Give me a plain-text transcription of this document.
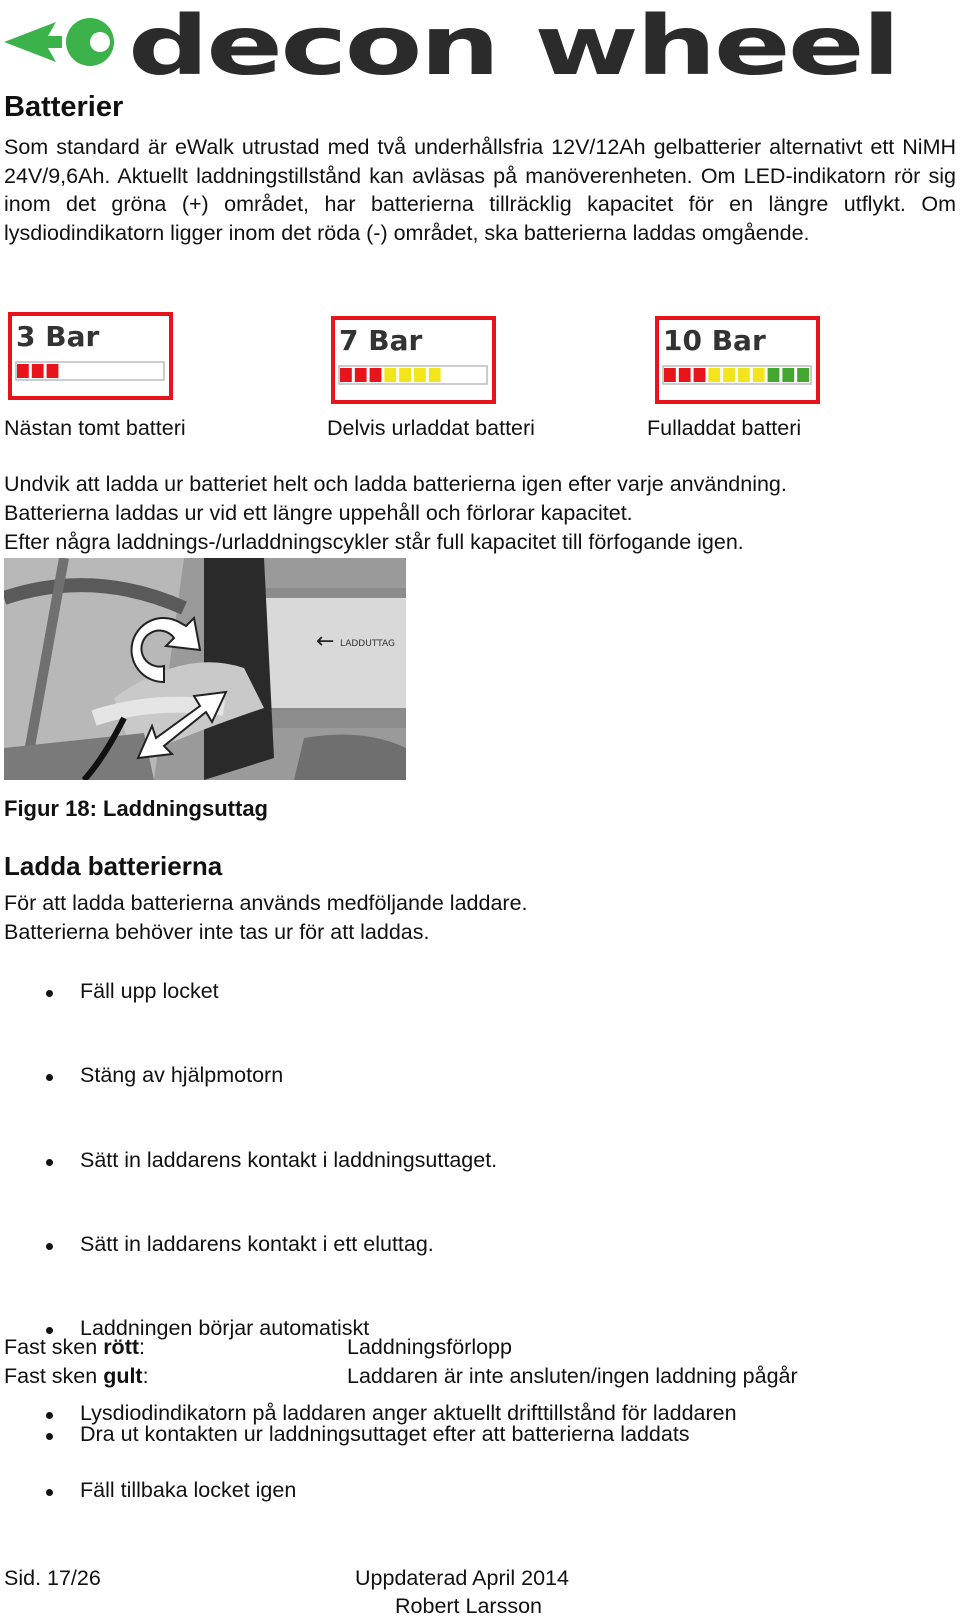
decon wheel
Batterier

Som standard är eWalk utrustad med två underhållsfria 12V/12Ah gelbatterier alternativt ett NiMH 24V/9,6Ah. Aktuellt laddningstillstånd kan avläsas på manöverenheten. Om LED-indikatorn rör sig inom det gröna (+) området, har batterierna tillräcklig kapacitet för en längre utflykt. Om lysdiodindikatorn ligger inom det röda (-) området, ska batterierna laddas omgående.

3 Bar	7 Bar	10 Bar
Nästan tomt batteri	Delvis urladdat batteri	Fulladdat batteri
Undvik att ladda ur batteriet helt och ladda batterierna igen efter varje användning.
Batterierna laddas ur vid ett längre uppehåll och förlorar kapacitet.
Efter några laddnings-/urladdningscykler står full kapacitet till förfogande igen.
← LADDUTTAG
Figur 18: Laddningsuttag
Ladda batterierna
För att ladda batterierna används medföljande laddare.
Batterierna behöver inte tas ur för att laddas.
Fäll upp locket
Stäng av hjälpmotorn
Sätt in laddarens kontakt i laddningsuttaget.
Sätt in laddarens kontakt i ett eluttag.
Laddningen börjar automatiskt
Lysdiodindikatorn på laddaren anger aktuellt drifttillstånd för laddaren
Fast sken rött:	Laddningsförlopp
Fast sken gult:	Laddaren är inte ansluten/ingen laddning pågår
Dra ut kontakten ur laddningsuttaget efter att batterierna laddats
Fäll tillbaka locket igen
Sid. 17/26	Uppdaterad April 2014
Robert Larsson
